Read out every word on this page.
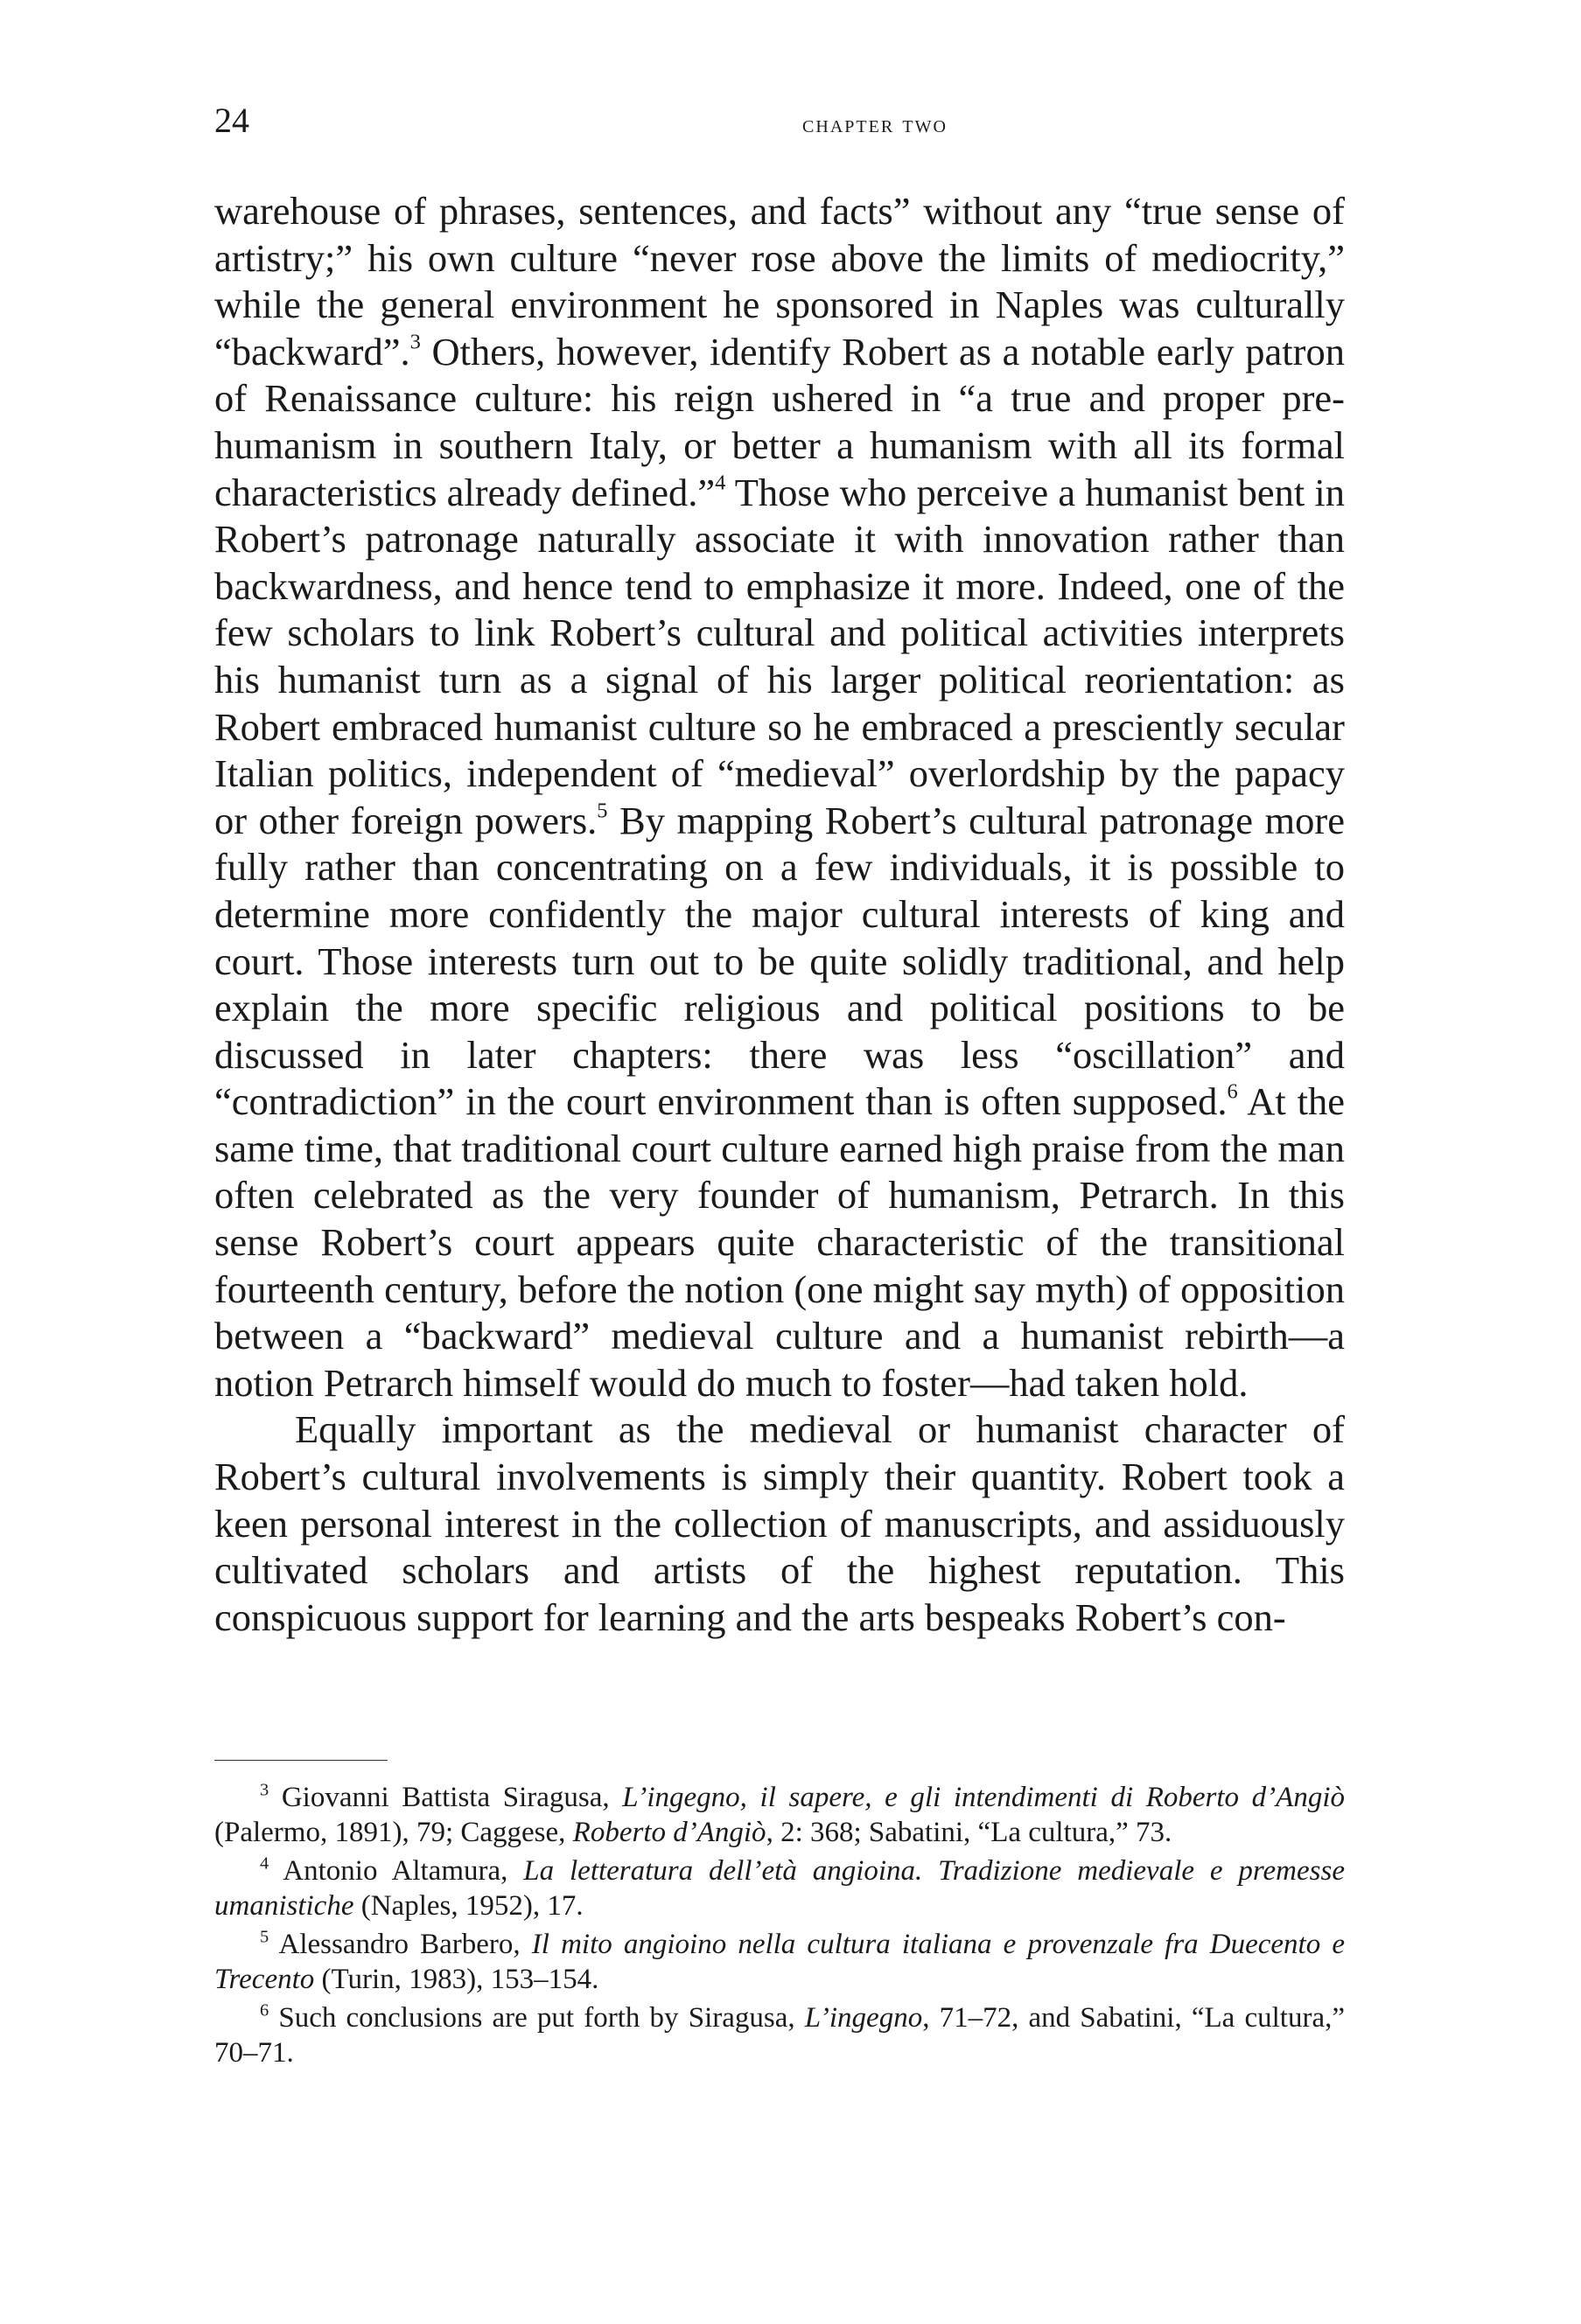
24	chapter two

warehouse of phrases, sentences, and facts” without any “true sense of artistry;” his own culture “never rose above the limits of mediocrity,” while the general environment he sponsored in Naples was culturally “backward”.$^3$ Others, however, identify Robert as a notable early patron of Renaissance culture: his reign ushered in “a true and proper pre-humanism in southern Italy, or better a humanism with all its formal characteristics already defined.”$^4$ Those who perceive a humanist bent in Robert’s patronage naturally associate it with innovation rather than backwardness, and hence tend to emphasize it more. Indeed, one of the few scholars to link Robert’s cultural and political activities interprets his humanist turn as a signal of his larger political reorientation: as Robert embraced humanist culture so he embraced a presciently secular Italian politics, independent of “medieval” overlordship by the papacy or other foreign powers.$^5$ By mapping Robert’s cultural patronage more fully rather than concentrating on a few individuals, it is possible to determine more confidently the major cultural interests of king and court. Those interests turn out to be quite solidly traditional, and help explain the more specific religious and political positions to be discussed in later chapters: there was less “oscillation” and “contradiction” in the court environment than is often supposed.$^6$ At the same time, that traditional court culture earned high praise from the man often celebrated as the very founder of humanism, Petrarch. In this sense Robert’s court appears quite characteristic of the transitional fourteenth century, before the notion (one might say myth) of opposition between a “backward” medieval culture and a humanist rebirth—a notion Petrarch himself would do much to foster—had taken hold.

Equally important as the medieval or humanist character of Robert’s cultural involvements is simply their quantity. Robert took a keen personal interest in the collection of manuscripts, and assiduously cultivated scholars and artists of the highest reputation. This conspicuous support for learning and the arts bespeaks Robert’s con-

$^3$ Giovanni Battista Siragusa, L’ingegno, il sapere, e gli intendimenti di Roberto d’Angiò (Palermo, 1891), 79; Caggese, Roberto d’Angiò, 2: 368; Sabatini, “La cultura,” 73.

$^4$ Antonio Altamura, La letteratura dell’età angioina. Tradizione medievale e premesse umanistiche (Naples, 1952), 17.

$^5$ Alessandro Barbero, Il mito angioino nella cultura italiana e provenzale fra Duecento e Trecento (Turin, 1983), 153–154.

$^6$ Such conclusions are put forth by Siragusa, L’ingegno, 71–72, and Sabatini, “La cultura,” 70–71.
